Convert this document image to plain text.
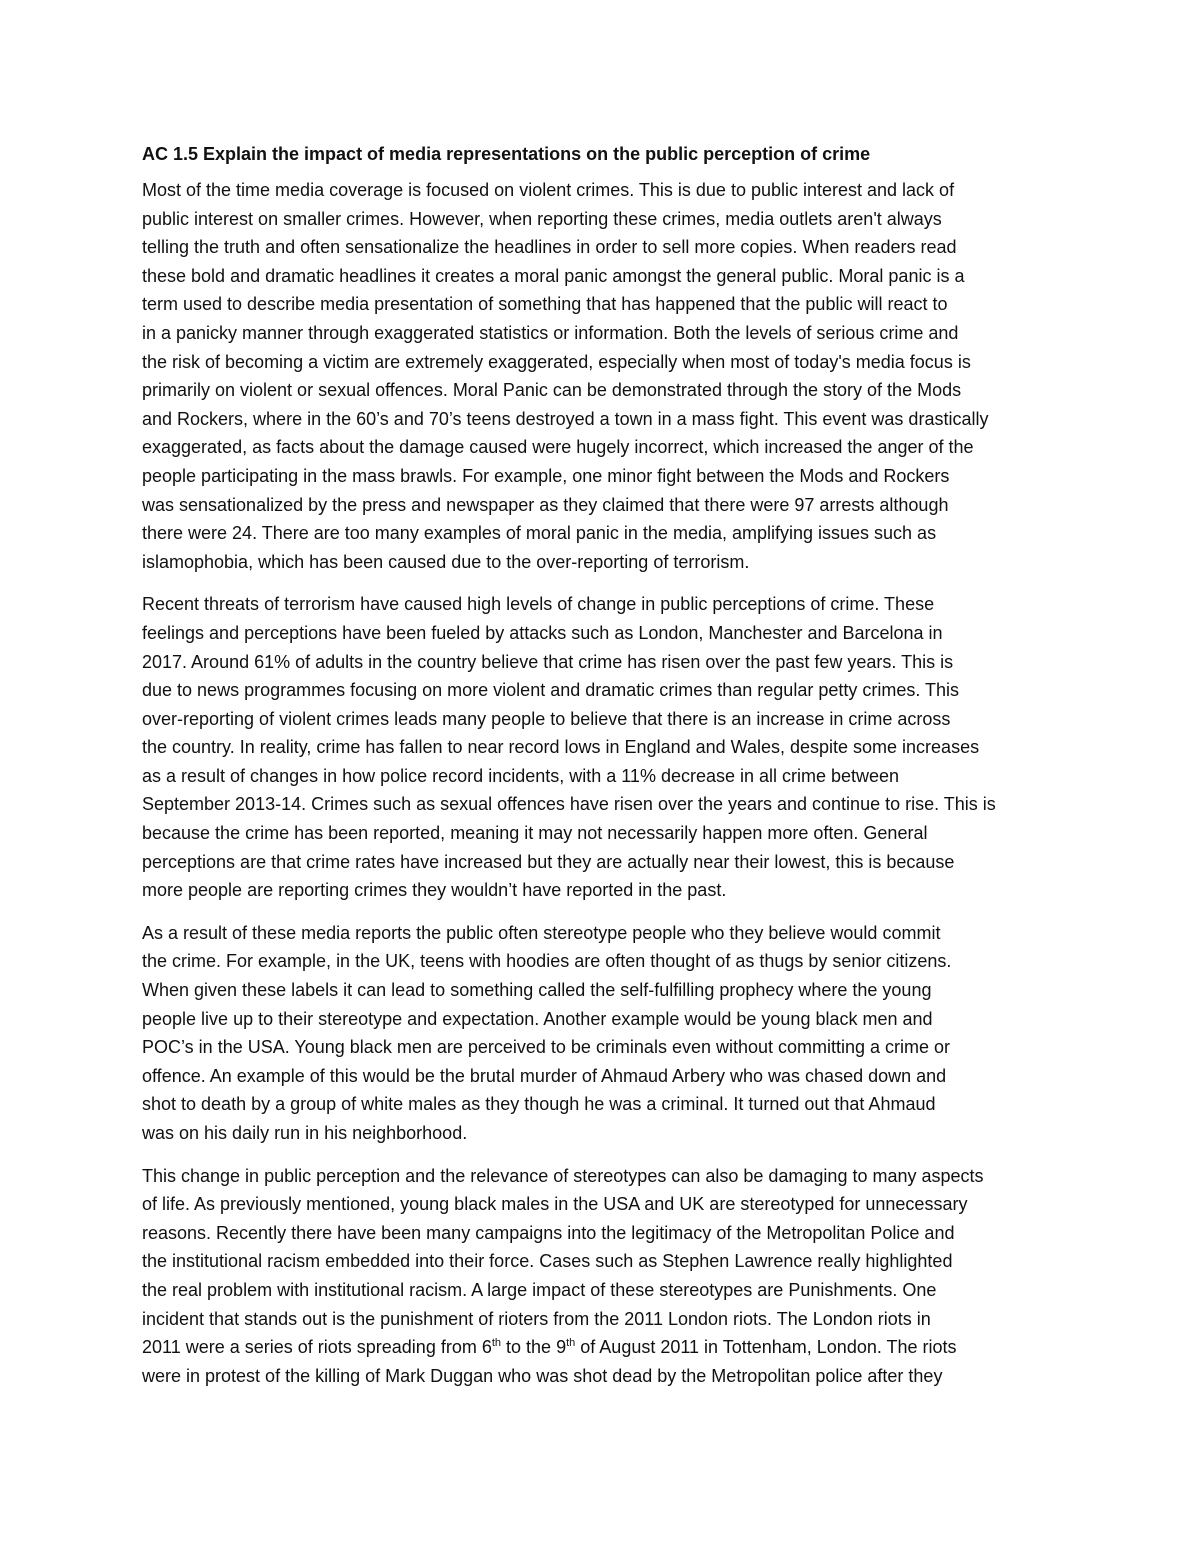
AC 1.5 Explain the impact of media representations on the public perception of crime
Most of the time media coverage is focused on violent crimes. This is due to public interest and lack of
public interest on smaller crimes. However, when reporting these crimes, media outlets aren't always
telling the truth and often sensationalize the headlines in order to sell more copies. When readers read
these bold and dramatic headlines it creates a moral panic amongst the general public. Moral panic is a
term used to describe media presentation of something that has happened that the public will react to
in a panicky manner through exaggerated statistics or information. Both the levels of serious crime and
the risk of becoming a victim are extremely exaggerated, especially when most of today's media focus is
primarily on violent or sexual offences. Moral Panic can be demonstrated through the story of the Mods
and Rockers, where in the 60’s and 70’s teens destroyed a town in a mass fight. This event was drastically
exaggerated, as facts about the damage caused were hugely incorrect, which increased the anger of the
people participating in the mass brawls. For example, one minor fight between the Mods and Rockers
was sensationalized by the press and newspaper as they claimed that there were 97 arrests although
there were 24. There are too many examples of moral panic in the media, amplifying issues such as
islamophobia, which has been caused due to the over-reporting of terrorism.
Recent threats of terrorism have caused high levels of change in public perceptions of crime. These
feelings and perceptions have been fueled by attacks such as London, Manchester and Barcelona in
2017. Around 61% of adults in the country believe that crime has risen over the past few years. This is
due to news programmes focusing on more violent and dramatic crimes than regular petty crimes. This
over-reporting of violent crimes leads many people to believe that there is an increase in crime across
the country. In reality, crime has fallen to near record lows in England and Wales, despite some increases
as a result of changes in how police record incidents, with a 11% decrease in all crime between
September 2013-14. Crimes such as sexual offences have risen over the years and continue to rise. This is
because the crime has been reported, meaning it may not necessarily happen more often. General
perceptions are that crime rates have increased but they are actually near their lowest, this is because
more people are reporting crimes they wouldn’t have reported in the past.
As a result of these media reports the public often stereotype people who they believe would commit
the crime. For example, in the UK, teens with hoodies are often thought of as thugs by senior citizens.
When given these labels it can lead to something called the self-fulfilling prophecy where the young
people live up to their stereotype and expectation. Another example would be young black men and
POC’s in the USA. Young black men are perceived to be criminals even without committing a crime or
offence. An example of this would be the brutal murder of Ahmaud Arbery who was chased down and
shot to death by a group of white males as they though he was a criminal. It turned out that Ahmaud
was on his daily run in his neighborhood.
This change in public perception and the relevance of stereotypes can also be damaging to many aspects
of life. As previously mentioned, young black males in the USA and UK are stereotyped for unnecessary
reasons. Recently there have been many campaigns into the legitimacy of the Metropolitan Police and
the institutional racism embedded into their force. Cases such as Stephen Lawrence really highlighted
the real problem with institutional racism. A large impact of these stereotypes are Punishments. One
incident that stands out is the punishment of rioters from the 2011 London riots. The London riots in
2011 were a series of riots spreading from 6th to the 9th of August 2011 in Tottenham, London. The riots
were in protest of the killing of Mark Duggan who was shot dead by the Metropolitan police after they
